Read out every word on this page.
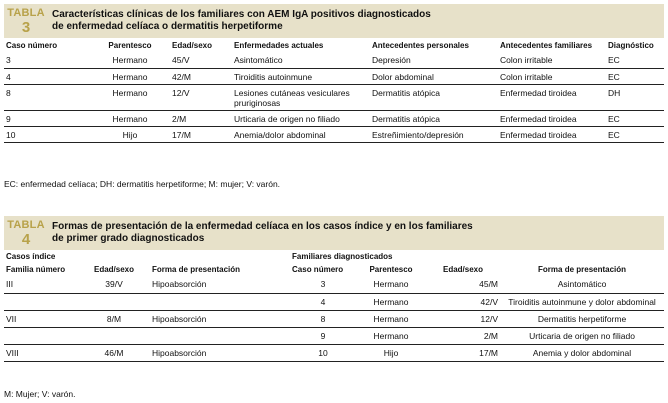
TABLA
3
Características clínicas de los familiares con AEM IgA positivos diagnosticados
de enfermedad celíaca o dermatitis herpetiforme
Caso número	Parentesco	Edad/sexo	Enfermedades actuales	Antecedentes personales	Antecedentes familiares	Diagnóstico
3	Hermano	45/V	Asintomático	Depresión	Colon irritable	EC
4	Hermano	42/M	Tiroiditis autoinmune	Dolor abdominal	Colon irritable	EC
8	Hermano	12/V	Lesiones cutáneas vesiculares pruriginosas	Dermatitis atópica	Enfermedad tiroidea	DH
9	Hermano	2/M	Urticaria de origen no filiado	Dermatitis atópica	Enfermedad tiroidea	EC
10	Hijo	17/M	Anemia/dolor abdominal	Estreñimiento/depresión	Enfermedad tiroidea	EC
EC: enfermedad celíaca; DH: dermatitis herpetiforme; M: mujer; V: varón.
TABLA
4
Formas de presentación de la enfermedad celíaca en los casos índice y en los familiares
de primer grado diagnosticados
Casos índice			Familiares diagnosticados			
Familia número	Edad/sexo	Forma de presentación	Caso número	Parentesco	Edad/sexo	Forma de presentación
III	39/V	Hipoabsorción	3	Hermano	45/M	Asintomático
			4	Hermano	42/V	Tiroiditis autoinmune y dolor abdominal
VII	8/M	Hipoabsorción	8	Hermano	12/V	Dermatitis herpetiforme
			9	Hermano	2/M	Urticaria de origen no filiado
VIII	46/M	Hipoabsorción	10	Hijo	17/M	Anemia y dolor abdominal
M: Mujer; V: varón.
